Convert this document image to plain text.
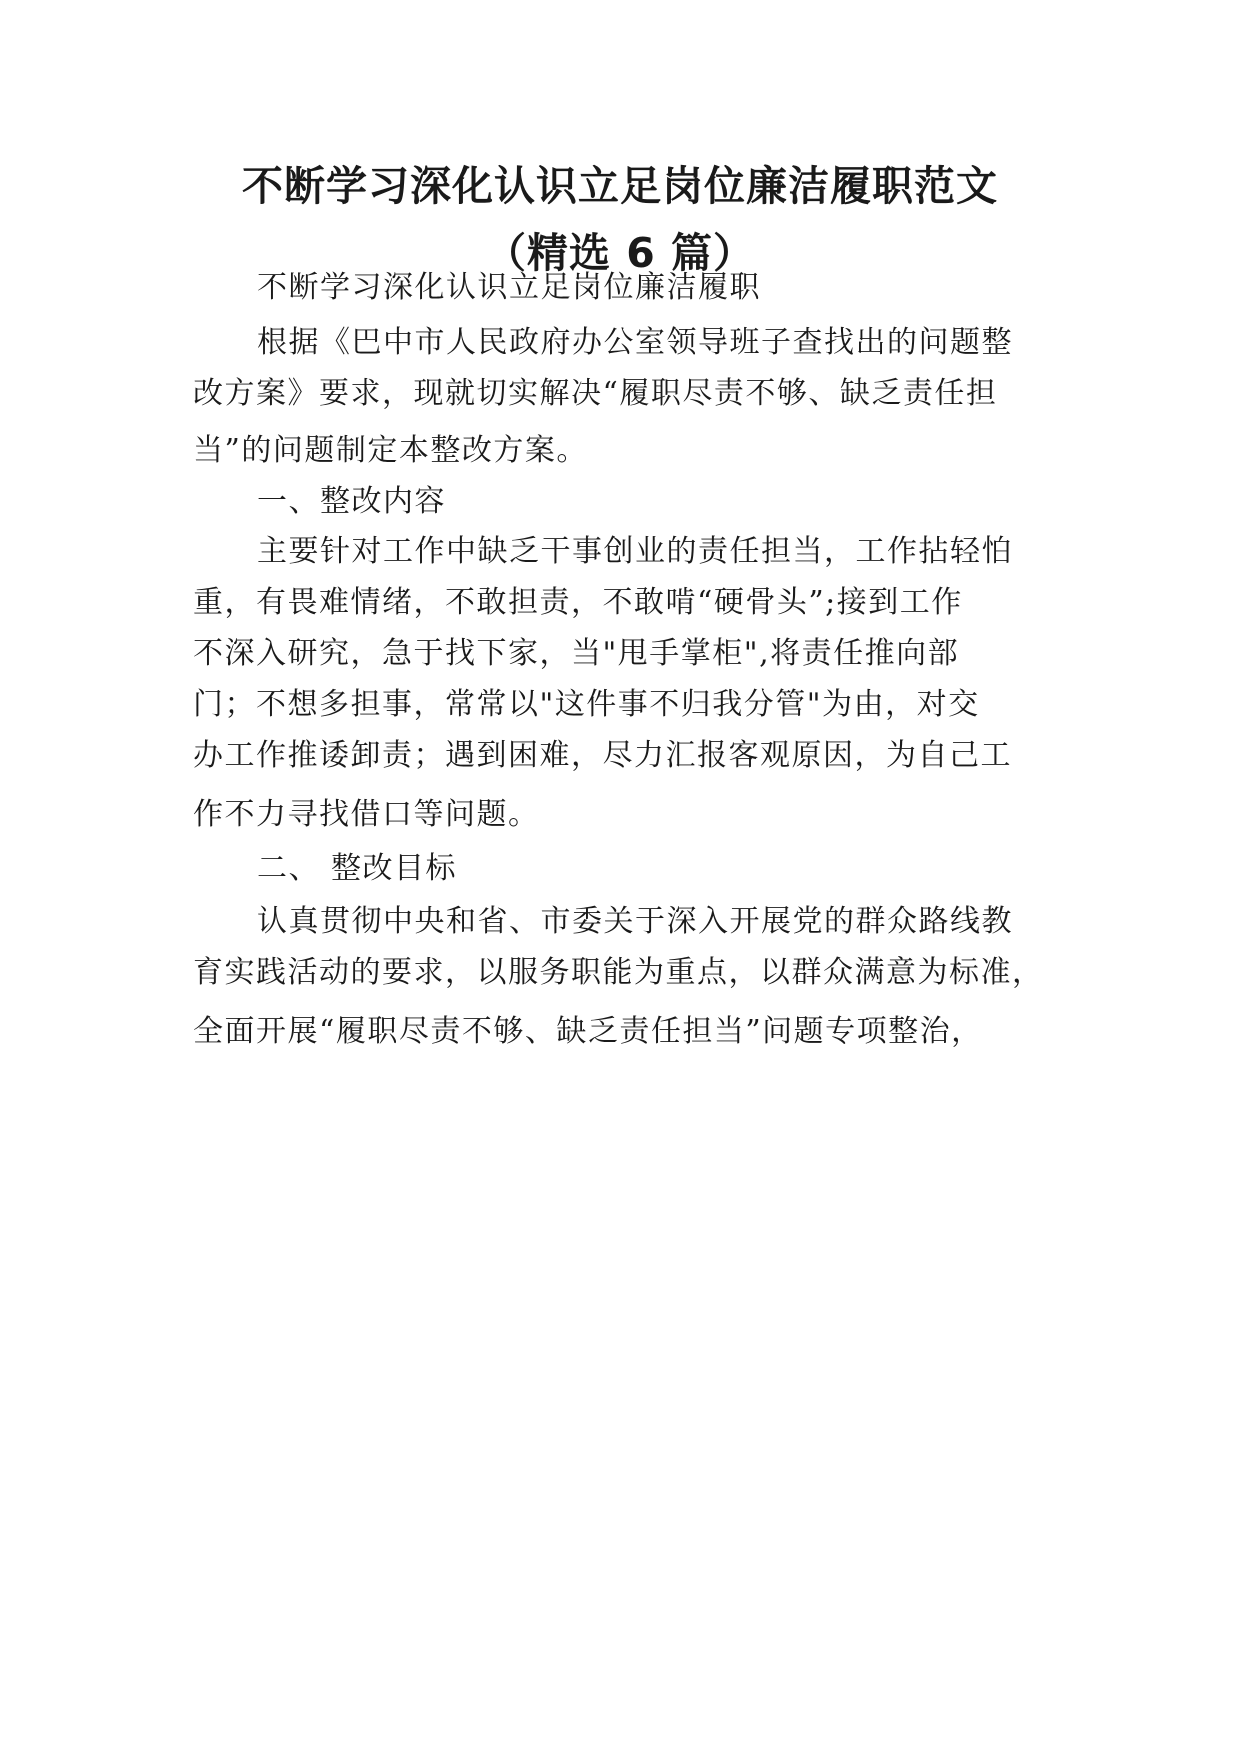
不断学习深化认识立足岗位廉洁履职范文
（精选 6 篇）

不断学习深化认识立足岗位廉洁履职

根据《巴中市人民政府办公室领导班子查找出的问题整
改方案》要求，现就切实解决“履职尽责不够、缺乏责任担
当”的问题制定本整改方案。

一、整改内容

主要针对工作中缺乏干事创业的责任担当，工作拈轻怕
重，有畏难情绪，不敢担责，不敢啃“硬骨头”;接到工作
不深入研究，急于找下家，当"甩手掌柜",将责任推向部
门；不想多担事，常常以"这件事不归我分管"为由，对交
办工作推诿卸责；遇到困难，尽力汇报客观原因，为自己工
作不力寻找借口等问题。

二、 整改目标

认真贯彻中央和省、市委关于深入开展党的群众路线教
育实践活动的要求，以服务职能为重点，以群众满意为标准，
全面开展“履职尽责不够、缺乏责任担当”问题专项整治，
